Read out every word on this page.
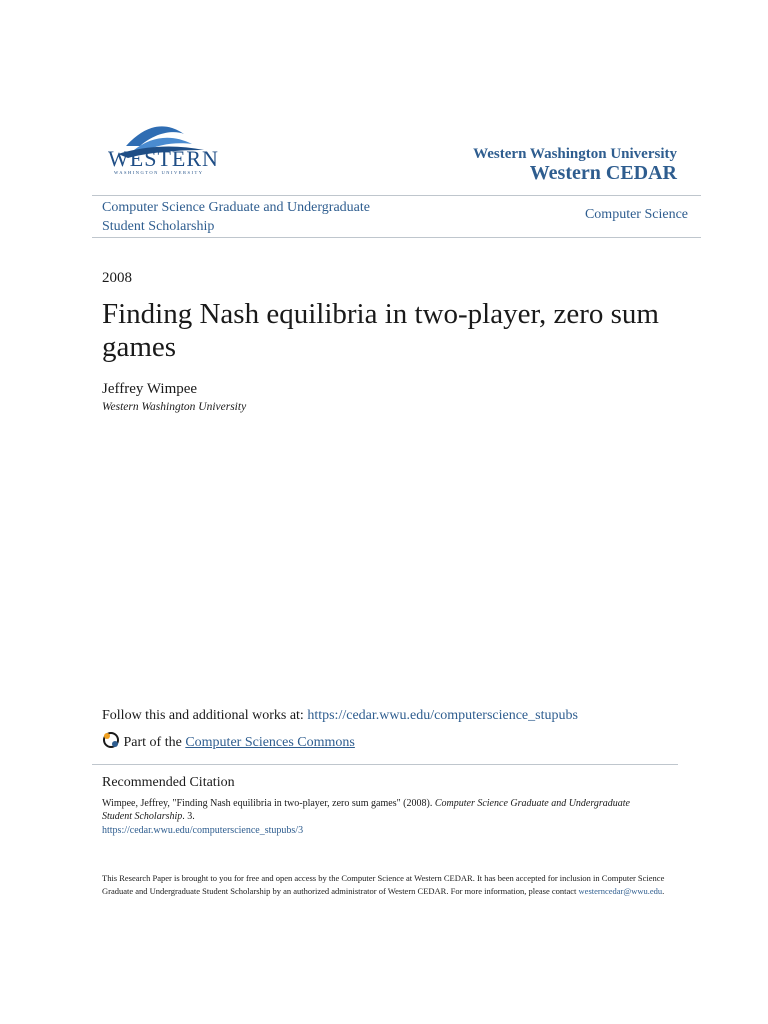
WESTERN
WASHINGTON UNIVERSITY
Western Washington University
Western CEDAR
Computer Science Graduate and Undergraduate Student Scholarship
Computer Science
2008
Finding Nash equilibria in two-player, zero sum games
Jeffrey Wimpee
Western Washington University
Follow this and additional works at: https://cedar.wwu.edu/computerscience_stupubs
Part of the Computer Sciences Commons
Recommended Citation
Wimpee, Jeffrey, "Finding Nash equilibria in two-player, zero sum games" (2008). Computer Science Graduate and Undergraduate Student Scholarship. 3.
https://cedar.wwu.edu/computerscience_stupubs/3
This Research Paper is brought to you for free and open access by the Computer Science at Western CEDAR. It has been accepted for inclusion in Computer Science Graduate and Undergraduate Student Scholarship by an authorized administrator of Western CEDAR. For more information, please contact westerncedar@wwu.edu.
